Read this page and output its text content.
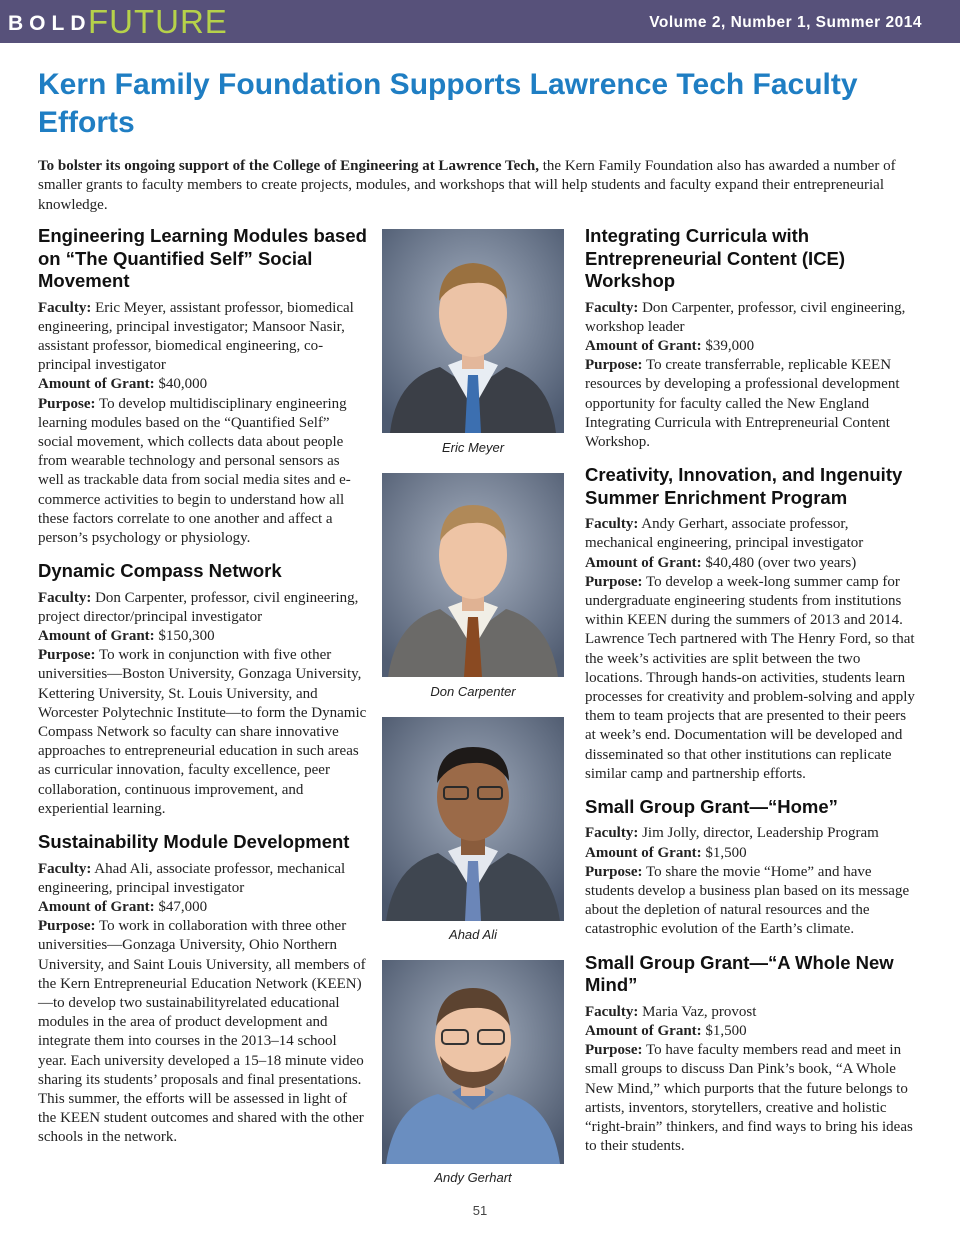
BOLD
FUTURE	Volume 2, Number 1, Summer 2014
Kern Family Foundation Supports Lawrence Tech Faculty Efforts

To bolster its ongoing support of the College of Engineering at Lawrence Tech, the Kern Family Foundation also has awarded a number of smaller grants to faculty members to create projects, modules, and workshops that will help students and faculty expand their entrepreneurial knowledge.

Engineering Learning Modules based on “The Quantified Self” Social Movement

Faculty: Eric Meyer, assistant professor, biomedical engineering, principal investigator; Mansoor Nasir, assistant professor, biomedical engineering, co-principal investigator

Amount of Grant: $40,000

Purpose: To develop multidisciplinary engineering learning modules based on the “Quantified Self” social movement, which collects data about people from wearable technology and personal sensors as well as trackable data from social media sites and e-commerce activities to begin to understand how all these factors correlate to one another and affect a person’s psychology or physiology.

Dynamic Compass Network

Faculty: Don Carpenter, professor, civil engineering, project director/principal investigator

Amount of Grant: $150,300

Purpose: To work in conjunction with five other universities—Boston University, Gonzaga University, Kettering University, St. Louis University, and Worcester Polytechnic Institute—to form the Dynamic Compass Network so faculty can share innovative approaches to entrepreneurial education in such areas as curricular innovation, faculty excellence, peer collaboration, continuous improvement, and experiential learning.

Sustainability Module Development

Faculty: Ahad Ali, associate professor, mechanical engineering, principal investigator

Amount of Grant: $47,000

Purpose: To work in collaboration with three other universities—Gonzaga University, Ohio Northern University, and Saint Louis University, all members of the Kern Entrepreneurial Education Network (KEEN)—to develop two sustainabilityrelated educational modules in the area of product development and integrate them into courses in the 2013–14 school year. Each university developed a 15–18 minute video sharing its students’ proposals and final presentations. This summer, the efforts will be assessed in light of the KEEN student outcomes and shared with the other schools in the network.

Eric Meyer
Don Carpenter
Ahad Ali
Andy Gerhart
Integrating Curricula with Entrepreneurial Content (ICE) Workshop

Faculty: Don Carpenter, professor, civil engineering, workshop leader

Amount of Grant: $39,000

Purpose: To create transferrable, replicable KEEN resources by developing a professional development opportunity for faculty called the New England Integrating Curricula with Entrepreneurial Content Workshop.

Creativity, Innovation, and Ingenuity Summer Enrichment Program

Faculty: Andy Gerhart, associate professor, mechanical engineering, principal investigator

Amount of Grant: $40,480 (over two years)

Purpose: To develop a week-long summer camp for undergraduate engineering students from institutions within KEEN during the summers of 2013 and 2014. Lawrence Tech partnered with The Henry Ford, so that the week’s activities are split between the two locations. Through hands-on activities, students learn processes for creativity and problem-solving and apply them to team projects that are presented to their peers at week’s end. Documentation will be developed and disseminated so that other institutions can replicate similar camp and partnership efforts.

Small Group Grant—“Home”

Faculty: Jim Jolly, director, Leadership Program

Amount of Grant: $1,500

Purpose: To share the movie “Home” and have students develop a business plan based on its message about the depletion of natural resources and the catastrophic evolution of the Earth’s climate.

Small Group Grant—“A Whole New Mind”

Faculty: Maria Vaz, provost

Amount of Grant: $1,500

Purpose: To have faculty members read and meet in small groups to discuss Dan Pink’s book, “A Whole New Mind,” which purports that the future belongs to artists, inventors, storytellers, creative and holistic “right-brain” thinkers, and find ways to bring his ideas to their students.

51
